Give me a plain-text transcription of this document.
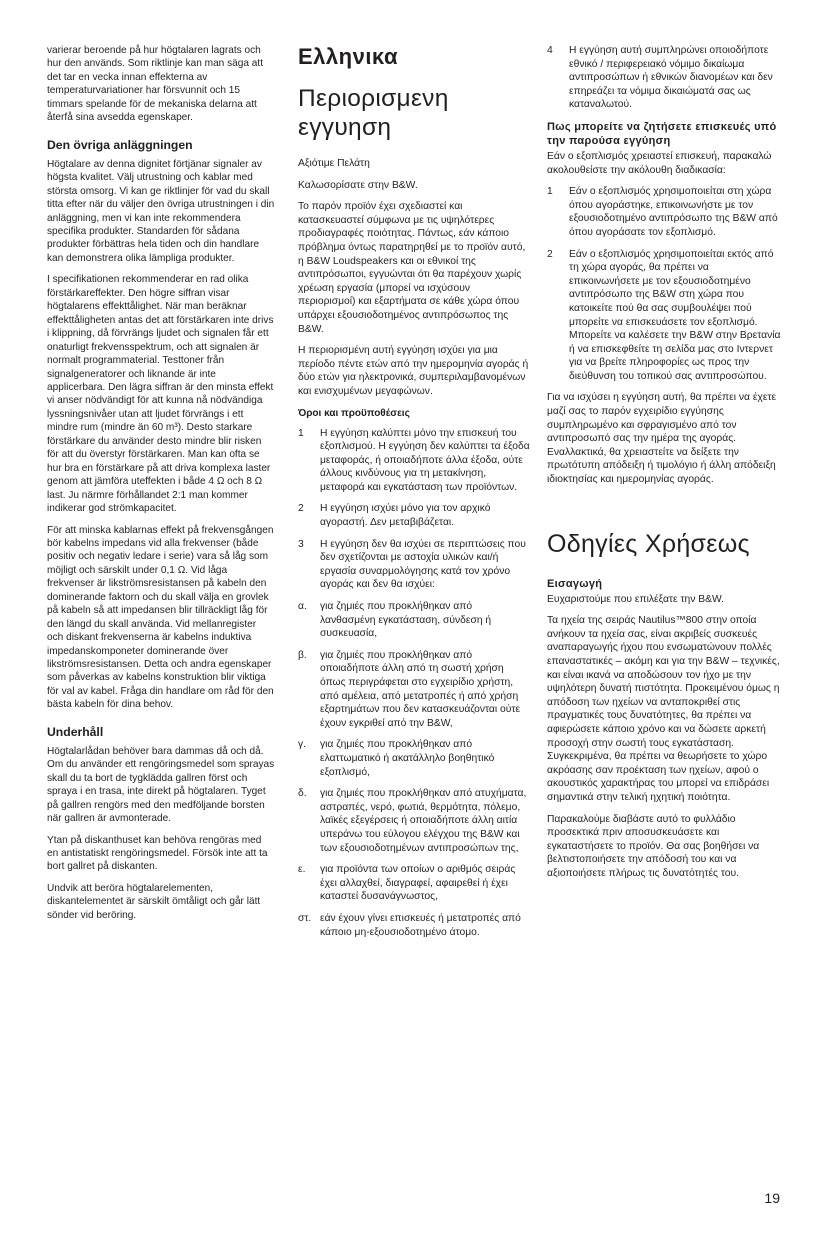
varierar beroende på hur högtalaren lagrats och hur den används. Som riktlinje kan man säga att det tar en vecka innan effekterna av temperaturvariationer har försvunnit och 15 timmars spelande för de mekaniska delarna att återfå sina avsedda egenskaper.

Den övriga anläggningen

Högtalare av denna dignitet förtjänar signaler av högsta kvalitet. Välj utrustning och kablar med största omsorg. Vi kan ge riktlinjer för vad du skall titta efter när du väljer den övriga utrustningen i din anläggning, men vi kan inte rekommendera specifika produkter. Standarden för sådana produkter förbättras hela tiden och din handlare kan demonstrera olika lämpliga produkter.

I specifikationen rekommenderar en rad olika förstärkareffekter. Den högre siffran visar högtalarens effekttålighet. När man beräknar effekttåligheten antas det att förstärkaren inte drivs i klippning, då förvrängs ljudet och signalen får ett onaturligt frekvensspektrum, och att signalen är normalt programmaterial. Testtoner från signalgeneratorer och liknande är inte applicerbara. Den lägra siffran är den minsta effekt vi anser nödvändigt för att kunna nå nödvändiga lyssningsnivåer utan att ljudet förvrängs i ett mindre rum (mindre än 60 m³). Desto starkare förstärkare du använder desto mindre blir risken för att du överstyr förstärkaren. Man kan ofta se hur bra en förstärkare på att driva komplexa laster genom att jämföra uteffekten i både 4 Ω och 8 Ω last. Ju närmre förhållandet 2:1 man kommer indikerar god strömkapacitet.

För att minska kablarnas effekt på frekvensgången bör kabelns impedans vid alla frekvenser (både positiv och negativ ledare i serie) vara så låg som möjligt och särskilt under 0,1 Ω. Vid låga frekvenser är likströmsresistansen på kabeln den dominerande faktorn och du skall välja en grovlek på kabeln så att impedansen blir tillräckligt låg för den längd du skall använda. Vid mellanregister och diskant frekvenserna är kabelns induktiva impedanskomponeter dominerande över likströmsresistansen. Detta och andra egenskaper som påverkas av kabelns konstruktion blir viktiga för val av kabel. Fråga din handlare om råd för den bästa kabeln för dina behov.

Underhåll

Högtalarlådan behöver bara dammas då och då. Om du använder ett rengöringsmedel som sprayas skall du ta bort de tygklädda gallren först och spraya i en trasa, inte direkt på högtalaren. Tyget på gallren rengörs med den medföljande borsten när gallren är avmonterade.

Ytan på diskanthuset kan behöva rengöras med en antistatiskt rengöringsmedel. Försök inte att ta bort gallret på diskanten.

Undvik att beröra högtalarelementen, diskantelementet är särskilt ömtåligt och går lätt sönder vid beröring.

Ελληνικα
Περιορισμενη εγγυηση

Αξιότιμε Πελάτη

Καλωσορίσατε στην B&W.

Το παρόν προϊόν έχει σχεδιαστεί και κατασκευαστεί σύμφωνα με τις υψηλότερες προδιαγραφές ποιότητας. Πάντως, εάν κάποιο πρόβλημα όντως παρατηρηθεί με το προϊόν αυτό, η B&W Loudspeakers και οι εθνικοί της αντιπρόσωποι, εγγυώνται ότι θα παρέχουν χωρίς χρέωση εργασία (μπορεί να ισχύσουν περιορισμοί) και εξαρτήματα σε κάθε χώρα όπου υπάρχει εξουσιοδοτημένος αντιπρόσωπος της B&W.

Η περιορισμένη αυτή εγγύηση ισχύει για μια περίοδο πέντε ετών από την ημερομηνία αγοράς ή δύο ετών για ηλεκτρονικά, συμπεριλαμβανομένων και ενισχυμένων μεγαφώνων.

Όροι και προϋποθέσεις

1	Η εγγύηση καλύπτει μόνο την επισκευή του εξοπλισμού. Η εγγύηση δεν καλύπτει τα έξοδα μεταφοράς, ή οποιαδήποτε άλλα έξοδα, ούτε άλλους κινδύνους για τη μετακίνηση, μεταφορά και εγκατάσταση των προϊόντων.
2	Η εγγύηση ισχύει μόνο για τον αρχικό αγοραστή. Δεν μεταβιβάζεται.
3	Η εγγύηση δεν θα ισχύει σε περιπτώσεις που δεν σχετίζονται με αστοχία υλικών και/ή εργασία συναρμολόγησης κατά τον χρόνο αγοράς και δεν θα ισχύει:
α.	για ζημιές που προκλήθηκαν από λανθασμένη εγκατάσταση, σύνδεση ή συσκευασία,
β.	για ζημιές που προκλήθηκαν από οποιαδήποτε άλλη από τη σωστή χρήση όπως περιγράφεται στο εγχειρίδιο χρήστη, από αμέλεια, από μετατροπές ή από χρήση εξαρτημάτων που δεν κατασκευάζονται ούτε έχουν εγκριθεί από την B&W,
γ.	για ζημιές που προκλήθηκαν από ελαττωματικό ή ακατάλληλο βοηθητικό εξοπλισμό,
δ.	για ζημιές που προκλήθηκαν από ατυχήματα, αστραπές, νερό, φωτιά, θερμότητα, πόλεμο, λαϊκές εξεγέρσεις ή οποιαδήποτε άλλη αιτία υπεράνω του εύλογου ελέγχου της B&W και των εξουσιοδοτημένων αντιπροσώπων της,
ε.	για προϊόντα των οποίων ο αριθμός σειράς έχει αλλαχθεί, διαγραφεί, αφαιρεθεί ή έχει καταστεί δυσανάγνωστος,
στ. εάν έχουν γίνει επισκευές ή μετατροπές από κάποιο μη-εξουσιοδοτημένο άτομο.
4	Η εγγύηση αυτή συμπληρώνει οποιοδήποτε εθνικό / περιφερειακό νόμιμο δικαίωμα αντιπροσώπων ή εθνικών διανομέων και δεν επηρεάζει τα νόμιμα δικαιώματά σας ως καταναλωτού.
Πως μπορείτε να ζητήσετε επισκευές υπό την παρούσα εγγύηση

Εάν ο εξοπλισμός χρειαστεί επισκευή, παρακαλώ ακολουθείστε την ακόλουθη διαδικασία:

1	Εάν ο εξοπλισμός χρησιμοποιείται στη χώρα όπου αγοράστηκε, επικοινωνήστε με τον εξουσιοδοτημένο αντιπρόσωπο της B&W από όπου αγοράσατε τον εξοπλισμό.
2	Εάν ο εξοπλισμός χρησιμοποιείται εκτός από τη χώρα αγοράς, θα πρέπει να επικοινωνήσετε με τον εξουσιοδοτημένο αντιπρόσωπο της B&W στη χώρα που κατοικείτε πού θα σας συμβουλέψει πού μπορείτε να επισκευάσετε τον εξοπλισμό. Μπορείτε να καλέσετε την B&W στην Βρετανία ή να επισκεφθείτε τη σελίδα μας στο Ιντερνετ για να βρείτε πληροφορίες ως προς την διεύθυνση του τοπικού σας αντιπροσώπου.

Για να ισχύσει η εγγύηση αυτή, θα πρέπει να έχετε μαζί σας το παρόν εγχειρίδιο εγγύησης συμπληρωμένο και σφραγισμένο από τον αντιπροσωπό σας την ημέρα της αγοράς. Εναλλακτικά, θα χρειαστείτε να δείξετε την πρωτότυπη απόδειξη ή τιμολόγιο ή άλλη απόδειξη ιδιοκτησίας και ημερομηνίας αγοράς.

Οδηγίες Χρήσεως
Εισαγωγή

Ευχαριστούμε που επιλέξατε την B&W.

Τα ηχεία της σειράς Nautilus™800 στην οποία ανήκουν τα ηχεία σας, είναι ακριβείς συσκευές αναπαραγωγής ήχου που ενσωματώνουν πολλές επαναστατικές – ακόμη και για την B&W – τεχνικές, και είναι ικανά να αποδώσουν τον ήχο με την υψηλότερη δυνατή πιστότητα. Προκειμένου όμως η απόδοση των ηχείων να ανταποκριθεί στις πραγματικές τους δυνατότητες, θα πρέπει να αφιερώσετε κάποιο χρόνο και να δώσετε αρκετή προσοχή στην σωστή τους εγκατάσταση. Συγκεκριμένα, θα πρέπει να θεωρήσετε το χώρο ακρόασης σαν προέκταση των ηχείων, αφού ο ακουστικός χαρακτήρας του μπορεί να επιδράσει σημαντικά στην τελική ηχητική ποιότητα.

Παρακαλούμε διαβάστε αυτό το φυλλάδιο προσεκτικά πριν αποσυσκευάσετε και εγκαταστήσετε το προϊόν. Θα σας βοηθήσει να βελτιστοποιήσετε την απόδοσή του και να αξιοποιήσετε πλήρως τις δυνατότητές του.

19
